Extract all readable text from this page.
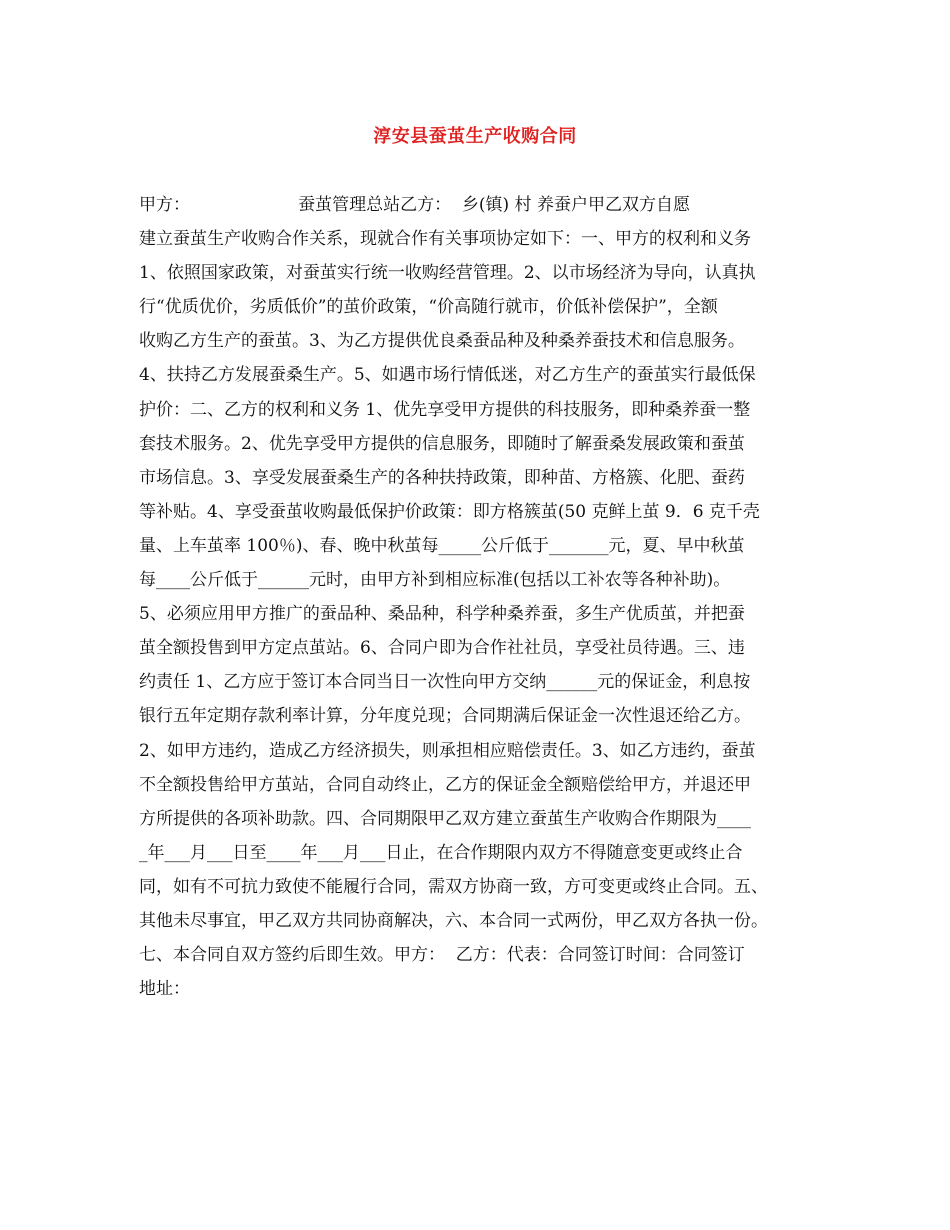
淳安县蚕茧生产收购合同
甲方：                    蚕茧管理总站乙方：  乡(镇) 村 养蚕户甲乙双方自愿
建立蚕茧生产收购合作关系，现就合作有关事项协定如下：一、甲方的权利和义务
1、依照国家政策，对蚕茧实行统一收购经营管理。2、以市场经济为导向，认真执
行“优质优价，劣质低价”的茧价政策，“价高随行就市，价低补偿保护”，全额
收购乙方生产的蚕茧。3、为乙方提供优良桑蚕品种及种桑养蚕技术和信息服务。
4、扶持乙方发展蚕桑生产。5、如遇市场行情低迷，对乙方生产的蚕茧实行最低保
护价：二、乙方的权利和义务 1、优先享受甲方提供的科技服务，即种桑养蚕一整
套技术服务。2、优先享受甲方提供的信息服务，即随时了解蚕桑发展政策和蚕茧
市场信息。3、享受发展蚕桑生产的各种扶持政策，即种苗、方格簇、化肥、蚕药
等补贴。4、享受蚕茧收购最低保护价政策：即方格簇茧(50 克鲜上茧 9．6 克千壳
量、上车茧率 100％)、春、晚中秋茧每_____公斤低于_______元，夏、早中秋茧
每____公斤低于______元时，由甲方补到相应标准(包括以工补农等各种补助)。
5、必须应用甲方推广的蚕品种、桑品种，科学种桑养蚕，多生产优质茧，并把蚕
茧全额投售到甲方定点茧站。6、合同户即为合作社社员，享受社员待遇。三、违
约责任 1、乙方应于签订本合同当日一次性向甲方交纳______元的保证金，利息按
银行五年定期存款利率计算，分年度兑现；合同期满后保证金一次性退还给乙方。
2、如甲方违约，造成乙方经济损失，则承担相应赔偿责任。3、如乙方违约，蚕茧
不全额投售给甲方茧站，合同自动终止，乙方的保证金全额赔偿给甲方，并退还甲
方所提供的各项补助款。四、合同期限甲乙双方建立蚕茧生产收购合作期限为____
_年___月___日至____年___月___日止，在合作期限内双方不得随意变更或终止合
同，如有不可抗力致使不能履行合同，需双方协商一致，方可变更或终止合同。五、
其他未尽事宜，甲乙双方共同协商解决，六、本合同一式两份，甲乙双方各执一份。
七、本合同自双方签约后即生效。甲方：  乙方：代表：合同签订时间：合同签订
地址：
